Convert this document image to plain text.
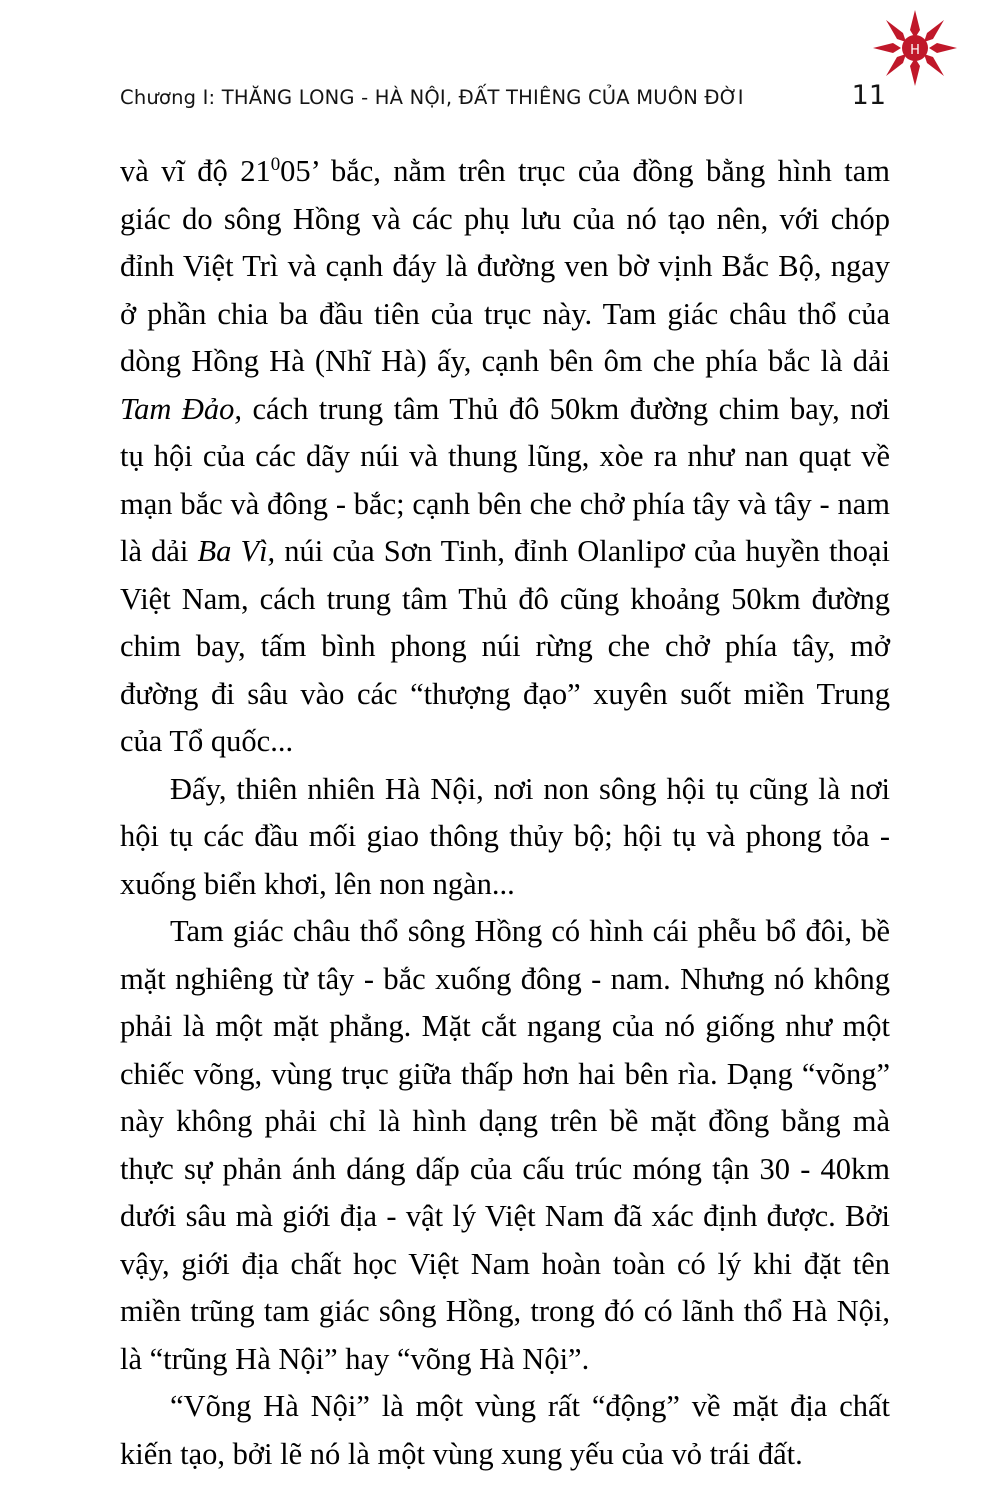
H
Chương I: THĂNG LONG - HÀ NỘI, ĐẤT THIÊNG CỦA MUÔN ĐỜI	11

và vĩ độ $21^005$’ bắc, nằm trên trục của đồng bằng hình tam giác do sông Hồng và các phụ lưu của nó tạo nên, với chóp đỉnh Việt Trì và cạnh đáy là đường ven bờ vịnh Bắc Bộ, ngay ở phần chia ba đầu tiên của trục này. Tam giác châu thổ của dòng Hồng Hà (Nhĩ Hà) ấy, cạnh bên ôm che phía bắc là dải Tam Đảo, cách trung tâm Thủ đô 50km đường chim bay, nơi tụ hội của các dãy núi và thung lũng, xòe ra như nan quạt về mạn bắc và đông - bắc; cạnh bên che chở phía tây và tây - nam là dải Ba Vì, núi của Sơn Tinh, đỉnh Olanlipơ của huyền thoại Việt Nam, cách trung tâm Thủ đô cũng khoảng 50km đường chim bay, tấm bình phong núi rừng che chở phía tây, mở đường đi sâu vào các “thượng đạo” xuyên suốt miền Trung của Tổ quốc...

Đấy, thiên nhiên Hà Nội, nơi non sông hội tụ cũng là nơi hội tụ các đầu mối giao thông thủy bộ; hội tụ và phong tỏa - xuống biển khơi, lên non ngàn...

Tam giác châu thổ sông Hồng có hình cái phễu bổ đôi, bề mặt nghiêng từ tây - bắc xuống đông - nam. Nhưng nó không phải là một mặt phẳng. Mặt cắt ngang của nó giống như một chiếc võng, vùng trục giữa thấp hơn hai bên rìa. Dạng “võng” này không phải chỉ là hình dạng trên bề mặt đồng bằng mà thực sự phản ánh dáng dấp của cấu trúc móng tận 30 - 40km dưới sâu mà giới địa - vật lý Việt Nam đã xác định được. Bởi vậy, giới địa chất học Việt Nam hoàn toàn có lý khi đặt tên miền trũng tam giác sông Hồng, trong đó có lãnh thổ Hà Nội, là “trũng Hà Nội” hay “võng Hà Nội”.

“Võng Hà Nội” là một vùng rất “động” về mặt địa chất kiến tạo, bởi lẽ nó là một vùng xung yếu của vỏ trái đất.
